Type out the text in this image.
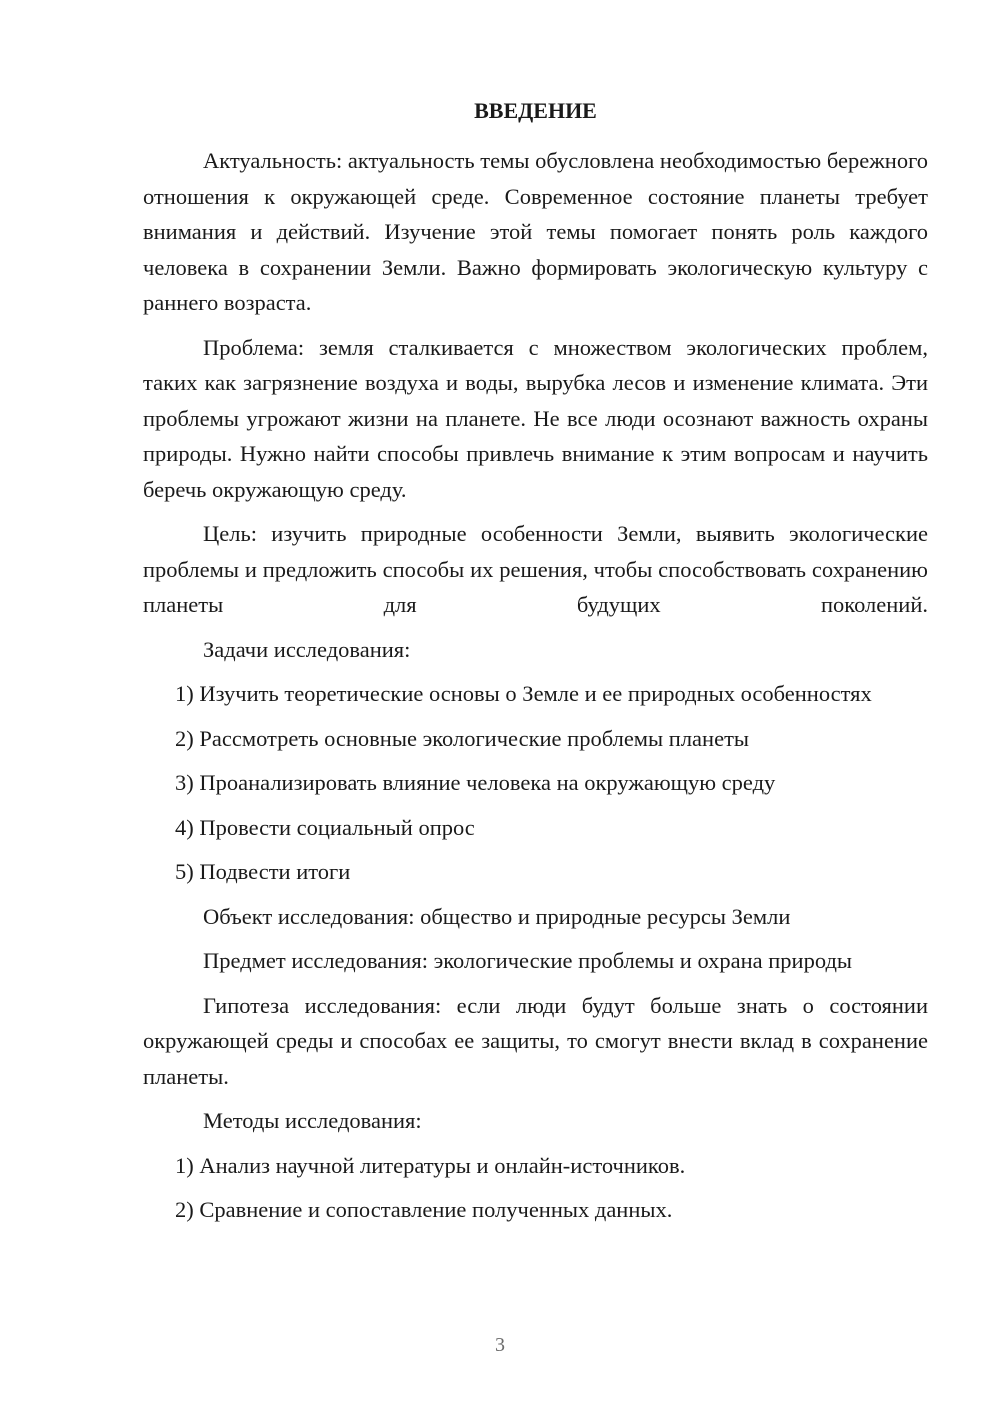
ВВЕДЕНИЕ

Актуальность: актуальность темы обусловлена необходимостью бережного отношения к окружающей среде. Современное состояние планеты требует внимания и действий. Изучение этой темы помогает понять роль каждого человека в сохранении Земли. Важно формировать экологическую культуру с раннего возраста.

Проблема: земля сталкивается с множеством экологических проблем, таких как загрязнение воздуха и воды, вырубка лесов и изменение климата. Эти проблемы угрожают жизни на планете. Не все люди осознают важность охраны природы. Нужно найти способы привлечь внимание к этим вопросам и научить беречь окружающую среду.

Цель: изучить природные особенности Земли, выявить экологические проблемы и предложить способы их решения, чтобы способствовать сохранению планеты для будущих поколений.

Задачи исследования:

1) Изучить теоретические основы о Земле и ее природных особенностях

2) Рассмотреть основные экологические проблемы планеты

3) Проанализировать влияние человека на окружающую среду

4) Провести социальный опрос

5) Подвести итоги

Объект исследования: общество и природные ресурсы Земли

Предмет исследования: экологические проблемы и охрана природы

Гипотеза исследования: если люди будут больше знать о состоянии окружающей среды и способах ее защиты, то смогут внести вклад в сохранение планеты.

Методы исследования:

1) Анализ научной литературы и онлайн-источников.

2) Сравнение и сопоставление полученных данных.

3
